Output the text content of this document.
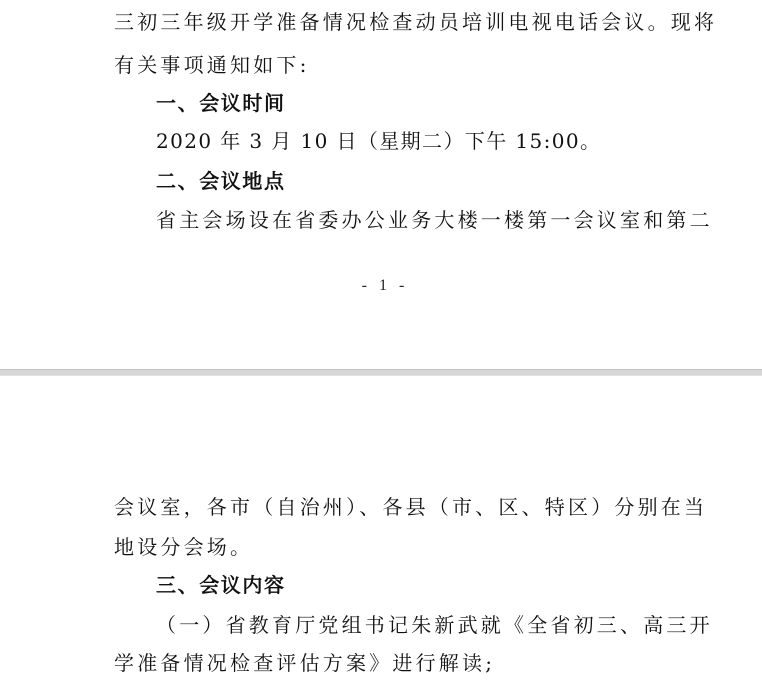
三初三年级开学准备情况检查动员培训电视电话会议。现将
有关事项通知如下:
一、会议时间
2020 年 3 月 10 日（星期二）下午 15:00。
二、会议地点
省主会场设在省委办公业务大楼一楼第一会议室和第二
- 1 -
会议室，各市（自治州）、各县（市、区、特区）分别在当
地设分会场。
三、会议内容
（一）省教育厅党组书记朱新武就《全省初三、高三开
学准备情况检查评估方案》进行解读;
